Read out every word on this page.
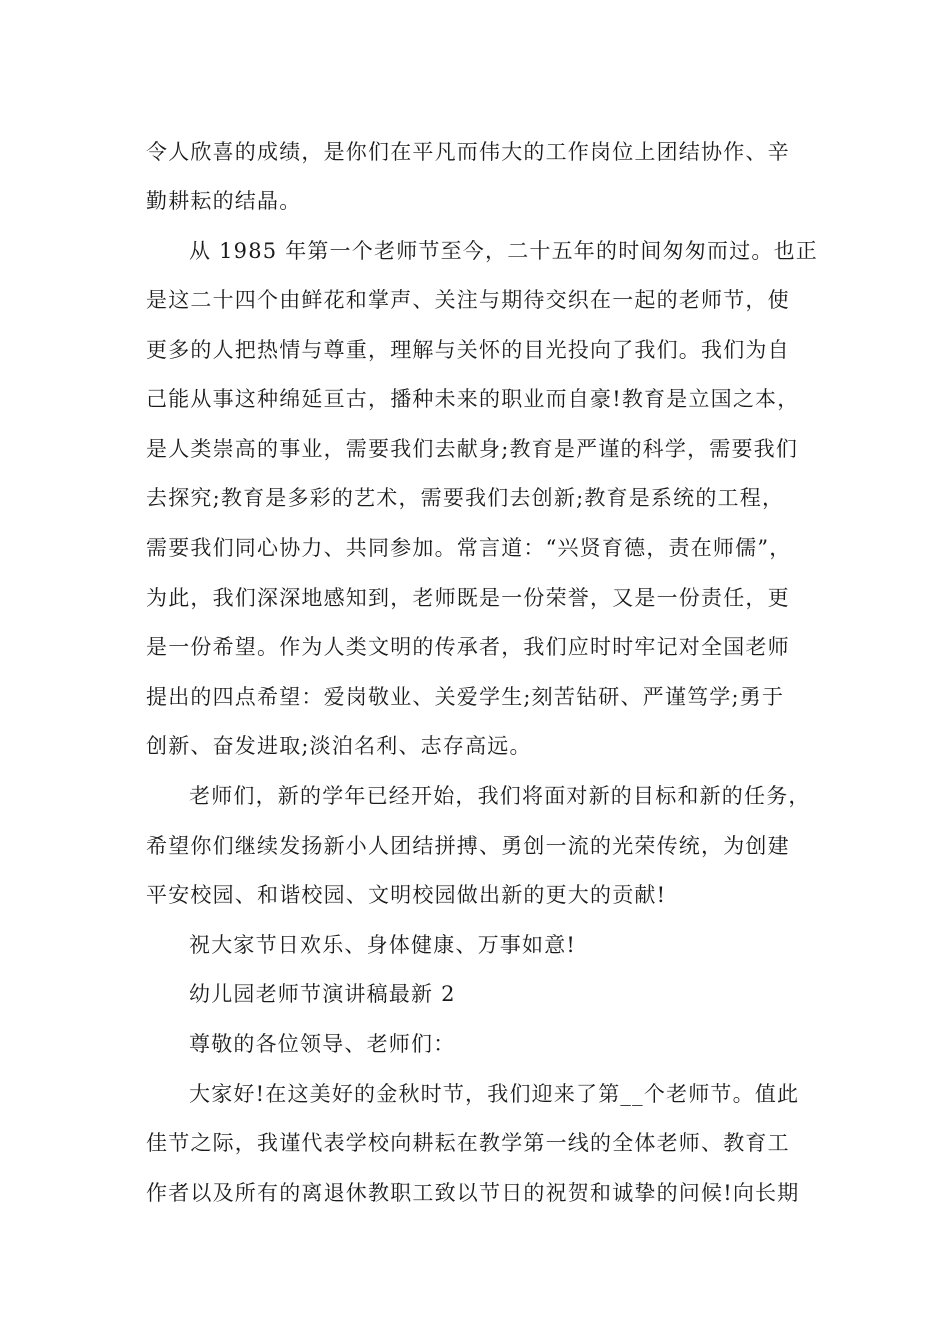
令人欣喜的成绩，是你们在平凡而伟大的工作岗位上团结协作、辛
勤耕耘的结晶。
从 1985 年第一个老师节至今，二十五年的时间匆匆而过。也正
是这二十四个由鲜花和掌声、关注与期待交织在一起的老师节，使
更多的人把热情与尊重，理解与关怀的目光投向了我们。我们为自
己能从事这种绵延亘古，播种未来的职业而自豪!教育是立国之本，
是人类崇高的事业，需要我们去献身;教育是严谨的科学，需要我们
去探究;教育是多彩的艺术，需要我们去创新;教育是系统的工程，
需要我们同心协力、共同参加。常言道：“兴贤育德，责在师儒”，
为此，我们深深地感知到，老师既是一份荣誉，又是一份责任，更
是一份希望。作为人类文明的传承者，我们应时时牢记对全国老师
提出的四点希望：爱岗敬业、关爱学生;刻苦钻研、严谨笃学;勇于
创新、奋发进取;淡泊名利、志存高远。
老师们，新的学年已经开始，我们将面对新的目标和新的任务，
希望你们继续发扬新小人团结拼搏、勇创一流的光荣传统，为创建
平安校园、和谐校园、文明校园做出新的更大的贡献!
祝大家节日欢乐、身体健康、万事如意!
幼儿园老师节演讲稿最新 2
尊敬的各位领导、老师们：
大家好!在这美好的金秋时节，我们迎来了第__个老师节。值此
佳节之际，我谨代表学校向耕耘在教学第一线的全体老师、教育工
作者以及所有的离退休教职工致以节日的祝贺和诚挚的问候!向长期
